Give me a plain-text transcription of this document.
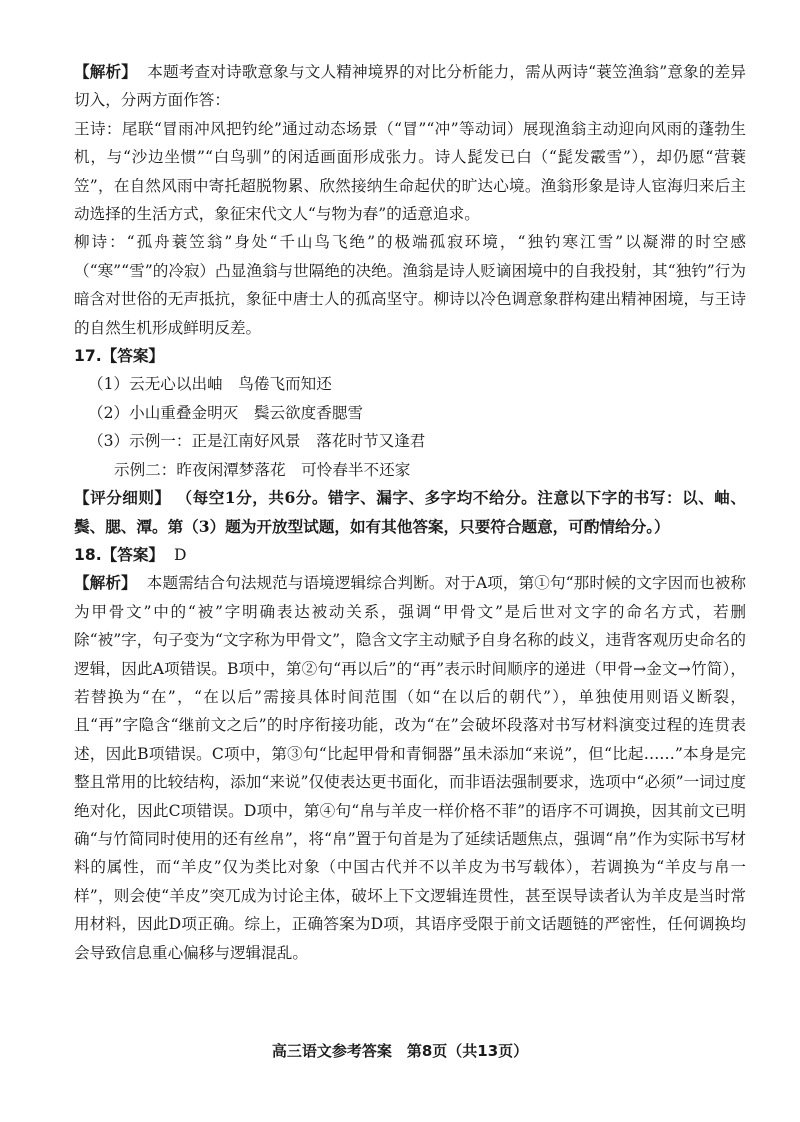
【解析】 本题考查对诗歌意象与文人精神境界的对比分析能力，需从两诗“蓑笠渔翁”意象的差异切入，分两方面作答：

王诗：尾联“冒雨冲风把钓纶”通过动态场景（“冒”“冲”等动词）展现渔翁主动迎向风雨的蓬勃生机，与“沙边坐惯”“白鸟驯”的闲适画面形成张力。诗人髭发已白（“髭发霰雪”），却仍愿“营蓑笠”，在自然风雨中寄托超脱物累、欣然接纳生命起伏的旷达心境。渔翁形象是诗人宦海归来后主动选择的生活方式，象征宋代文人“与物为春”的适意追求。

柳诗：“孤舟蓑笠翁”身处“千山鸟飞绝”的极端孤寂环境，“独钓寒江雪”以凝滞的时空感（“寒”“雪”的冷寂）凸显渔翁与世隔绝的决绝。渔翁是诗人贬谪困境中的自我投射，其“独钓”行为暗含对世俗的无声抵抗，象征中唐士人的孤高坚守。柳诗以冷色调意象群构建出精神困境，与王诗的自然生机形成鲜明反差。

17.【答案】

（1）云无心以出岫　鸟倦飞而知还

（2）小山重叠金明灭　鬓云欲度香腮雪

（3）示例一：正是江南好风景　落花时节又逢君

示例二：昨夜闲潭梦落花　可怜春半不还家

【评分细则】 （每空1分，共6分。错字、漏字、多字均不给分。注意以下字的书写：以、岫、鬓、腮、潭。第（3）题为开放型试题，如有其他答案，只要符合题意，可酌情给分。）

18.【答案】 D

【解析】 本题需结合句法规范与语境逻辑综合判断。对于A项，第①句“那时候的文字因而也被称为甲骨文”中的“被”字明确表达被动关系，强调“甲骨文”是后世对文字的命名方式，若删除“被”字，句子变为“文字称为甲骨文”，隐含文字主动赋予自身名称的歧义，违背客观历史命名的逻辑，因此A项错误。B项中，第②句“再以后”的“再”表示时间顺序的递进（甲骨→金文→竹简），若替换为“在”，“在以后”需接具体时间范围（如“在以后的朝代”），单独使用则语义断裂，且“再”字隐含“继前文之后”的时序衔接功能，改为“在”会破坏段落对书写材料演变过程的连贯表述，因此B项错误。C项中，第③句“比起甲骨和青铜器”虽未添加“来说”，但“比起……”本身是完整且常用的比较结构，添加“来说”仅使表达更书面化，而非语法强制要求，选项中“必须”一词过度绝对化，因此C项错误。D项中，第④句“帛与羊皮一样价格不菲”的语序不可调换，因其前文已明确“与竹简同时使用的还有丝帛”，将“帛”置于句首是为了延续话题焦点，强调“帛”作为实际书写材料的属性，而“羊皮”仅为类比对象（中国古代并不以羊皮为书写载体），若调换为“羊皮与帛一样”，则会使“羊皮”突兀成为讨论主体，破坏上下文逻辑连贯性，甚至误导读者认为羊皮是当时常用材料，因此D项正确。综上，正确答案为D项，其语序受限于前文话题链的严密性，任何调换均会导致信息重心偏移与逻辑混乱。

高三语文参考答案　第8页（共13页）
